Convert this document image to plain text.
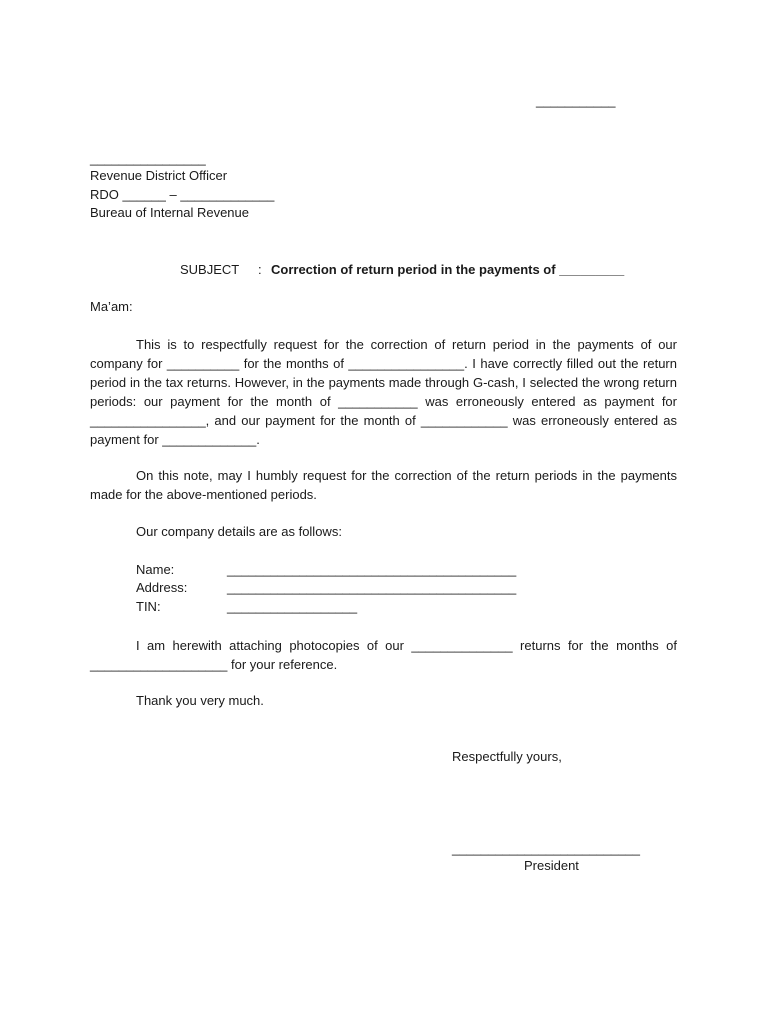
___________
________________
Revenue District Officer
RDO ______ – _____________
Bureau of Internal Revenue
SUBJECT : Correction of return period in the payments of _________
Ma’am:
This is to respectfully request for the correction of return period in the payments of our company for __________ for the months of ________________. I have correctly filled out the return period in the tax returns. However, in the payments made through G-cash, I selected the wrong return periods: our payment for the month of ___________ was erroneously entered as payment for ________________, and our payment for the month of ____________ was erroneously entered as payment for _____________.
On this note, may I humbly request for the correction of the return periods in the payments made for the above-mentioned periods.
Our company details are as follows:
Name:	________________________________________
Address:	________________________________________
TIN:	__________________
I am herewith attaching photocopies of our ______________ returns for the months of ___________________ for your reference.
Thank you very much.
Respectfully yours,
__________________________
President
